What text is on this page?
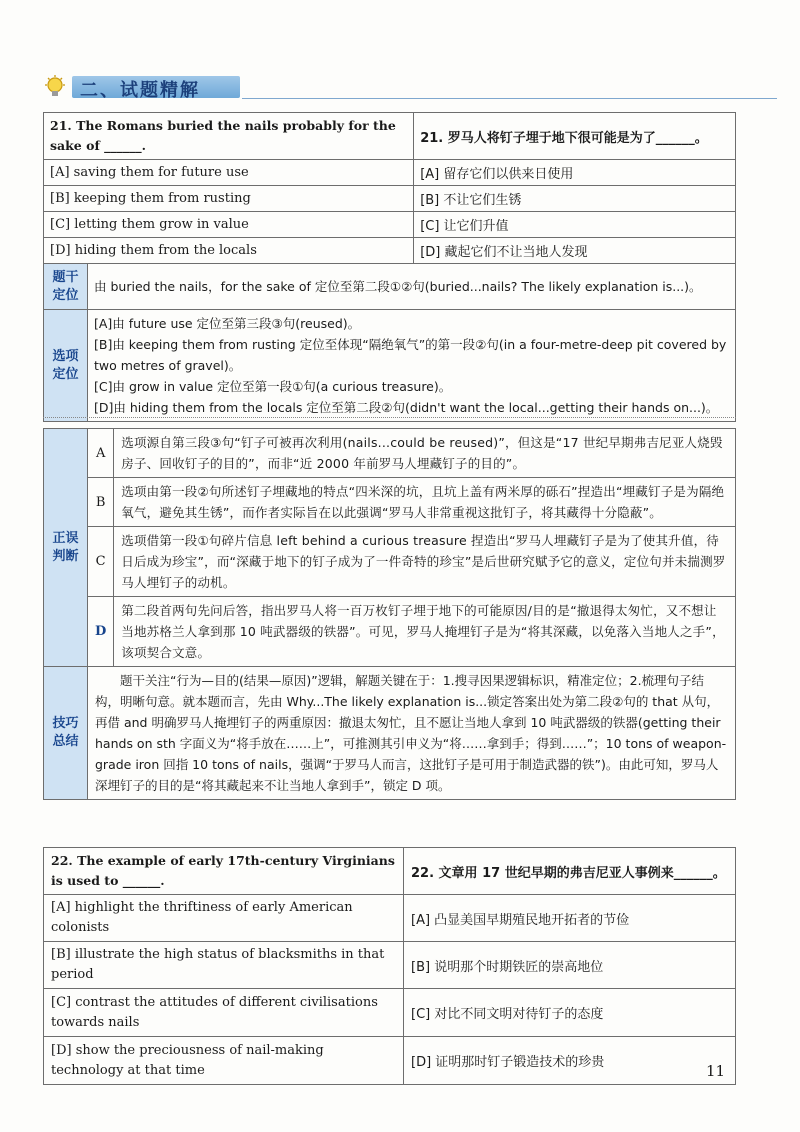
二、试题精解
21. The Romans buried the nails probably for the sake of ______.		21. 罗马人将钉子埋于地下很可能是为了______。
[A] saving them for future use		[A] 留存它们以供来日使用
[B] keeping them from rusting		[B] 不让它们生锈
[C] letting them grow in value		[C] 让它们升值
[D] hiding them from the locals		[D] 藏起它们不让当地人发现
题干定位	由 buried the nails，for the sake of 定位至第二段①②句(buried...nails? The likely explanation is...)。	
选项定位	[A]由 future use 定位至第三段③句(reused)。
[B]由 keeping them from rusting 定位至体现“隔绝氧气”的第一段②句(in a four-metre-deep pit covered by two metres of gravel)。
[C]由 grow in value 定位至第一段①句(a curious treasure)。
[D]由 hiding them from the locals 定位至第二段②句(didn't want the local...getting their hands on...)。	
正误判断	A	选项源自第三段③句“钉子可被再次利用(nails...could be reused)”，但这是“17 世纪早期弗吉尼亚人烧毁房子、回收钉子的目的”，而非“近 2000 年前罗马人埋藏钉子的目的”。
	B	选项由第一段②句所述钉子埋藏地的特点“四米深的坑，且坑上盖有两米厚的砾石”捏造出“埋藏钉子是为隔绝氧气，避免其生锈”，而作者实际旨在以此强调“罗马人非常重视这批钉子，将其藏得十分隐蔽”。
	C	选项借第一段①句碎片信息 left behind a curious treasure 捏造出“罗马人埋藏钉子是为了使其升值，待日后成为珍宝”，而“深藏于地下的钉子成为了一件奇特的珍宝”是后世研究赋予它的意义，定位句并未揣测罗马人埋钉子的动机。
	D	第二段首两句先问后答，指出罗马人将一百万枚钉子埋于地下的可能原因/目的是“撤退得太匆忙，又不想让当地苏格兰人拿到那 10 吨武器级的铁器”。可见，罗马人掩埋钉子是为“将其深藏，以免落入当地人之手”，该项契合文意。
技巧总结	题干关注“行为—目的(结果—原因)”逻辑，解题关键在于：1.搜寻因果逻辑标识，精准定位；2.梳理句子结构，明晰句意。就本题而言，先由 Why...The likely explanation is...锁定答案出处为第二段②句的 that 从句，再借 and 明确罗马人掩埋钉子的两重原因：撤退太匆忙，且不愿让当地人拿到 10 吨武器级的铁器(getting their hands on sth 字面义为“将手放在……上”，可推测其引申义为“将……拿到手；得到……”；10 tons of weapon-grade iron 回指 10 tons of nails，强调“于罗马人而言，这批钉子是可用于制造武器的铁”)。由此可知，罗马人深埋钉子的目的是“将其藏起来不让当地人拿到手”，锁定 D 项。	
22. The example of early 17th-century Virginians is used to ______.	22. 文章用 17 世纪早期的弗吉尼亚人事例来______。
[A] highlight the thriftiness of early American colonists	[A] 凸显美国早期殖民地开拓者的节俭
[B] illustrate the high status of blacksmiths in that period	[B] 说明那个时期铁匠的崇高地位
[C] contrast the attitudes of different civilisations towards nails	[C] 对比不同文明对待钉子的态度
[D] show the preciousness of nail-making technology at that time	[D] 证明那时钉子锻造技术的珍贵	11
